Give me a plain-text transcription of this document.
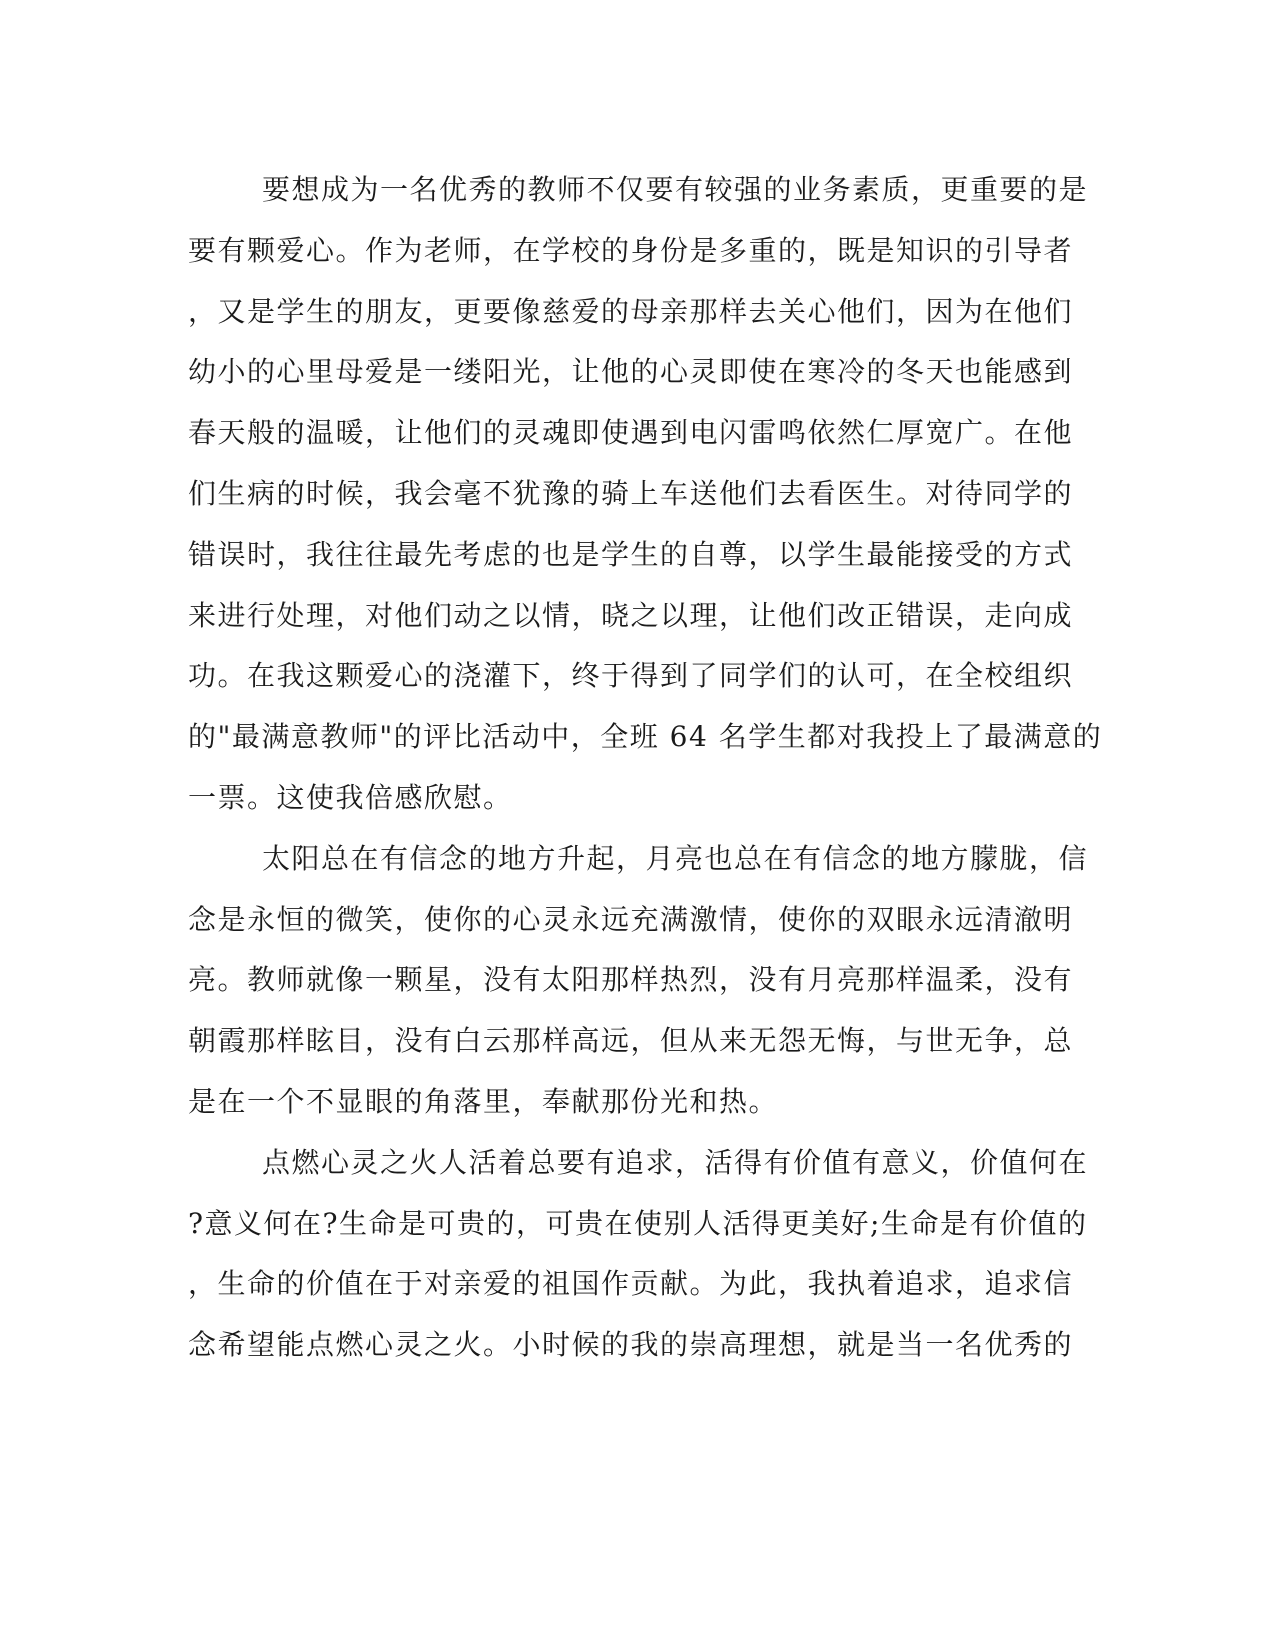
要想成为一名优秀的教师不仅要有较强的业务素质，更重要的是
要有颗爱心。作为老师，在学校的身份是多重的，既是知识的引导者
，又是学生的朋友，更要像慈爱的母亲那样去关心他们，因为在他们
幼小的心里母爱是一缕阳光，让他的心灵即使在寒冷的冬天也能感到
春天般的温暖，让他们的灵魂即使遇到电闪雷鸣依然仁厚宽广。在他
们生病的时候，我会毫不犹豫的骑上车送他们去看医生。对待同学的
错误时，我往往最先考虑的也是学生的自尊，以学生最能接受的方式
来进行处理，对他们动之以情，晓之以理，让他们改正错误，走向成
功。在我这颗爱心的浇灌下，终于得到了同学们的认可，在全校组织
的"最满意教师"的评比活动中，全班 64 名学生都对我投上了最满意的
一票。这使我倍感欣慰。
太阳总在有信念的地方升起，月亮也总在有信念的地方朦胧，信
念是永恒的微笑，使你的心灵永远充满激情，使你的双眼永远清澈明
亮。教师就像一颗星，没有太阳那样热烈，没有月亮那样温柔，没有
朝霞那样眩目，没有白云那样高远，但从来无怨无悔，与世无争，总
是在一个不显眼的角落里，奉献那份光和热。
点燃心灵之火人活着总要有追求，活得有价值有意义，价值何在
?意义何在?生命是可贵的，可贵在使别人活得更美好;生命是有价值的
，生命的价值在于对亲爱的祖国作贡献。为此，我执着追求，追求信
念希望能点燃心灵之火。小时候的我的崇高理想，就是当一名优秀的
